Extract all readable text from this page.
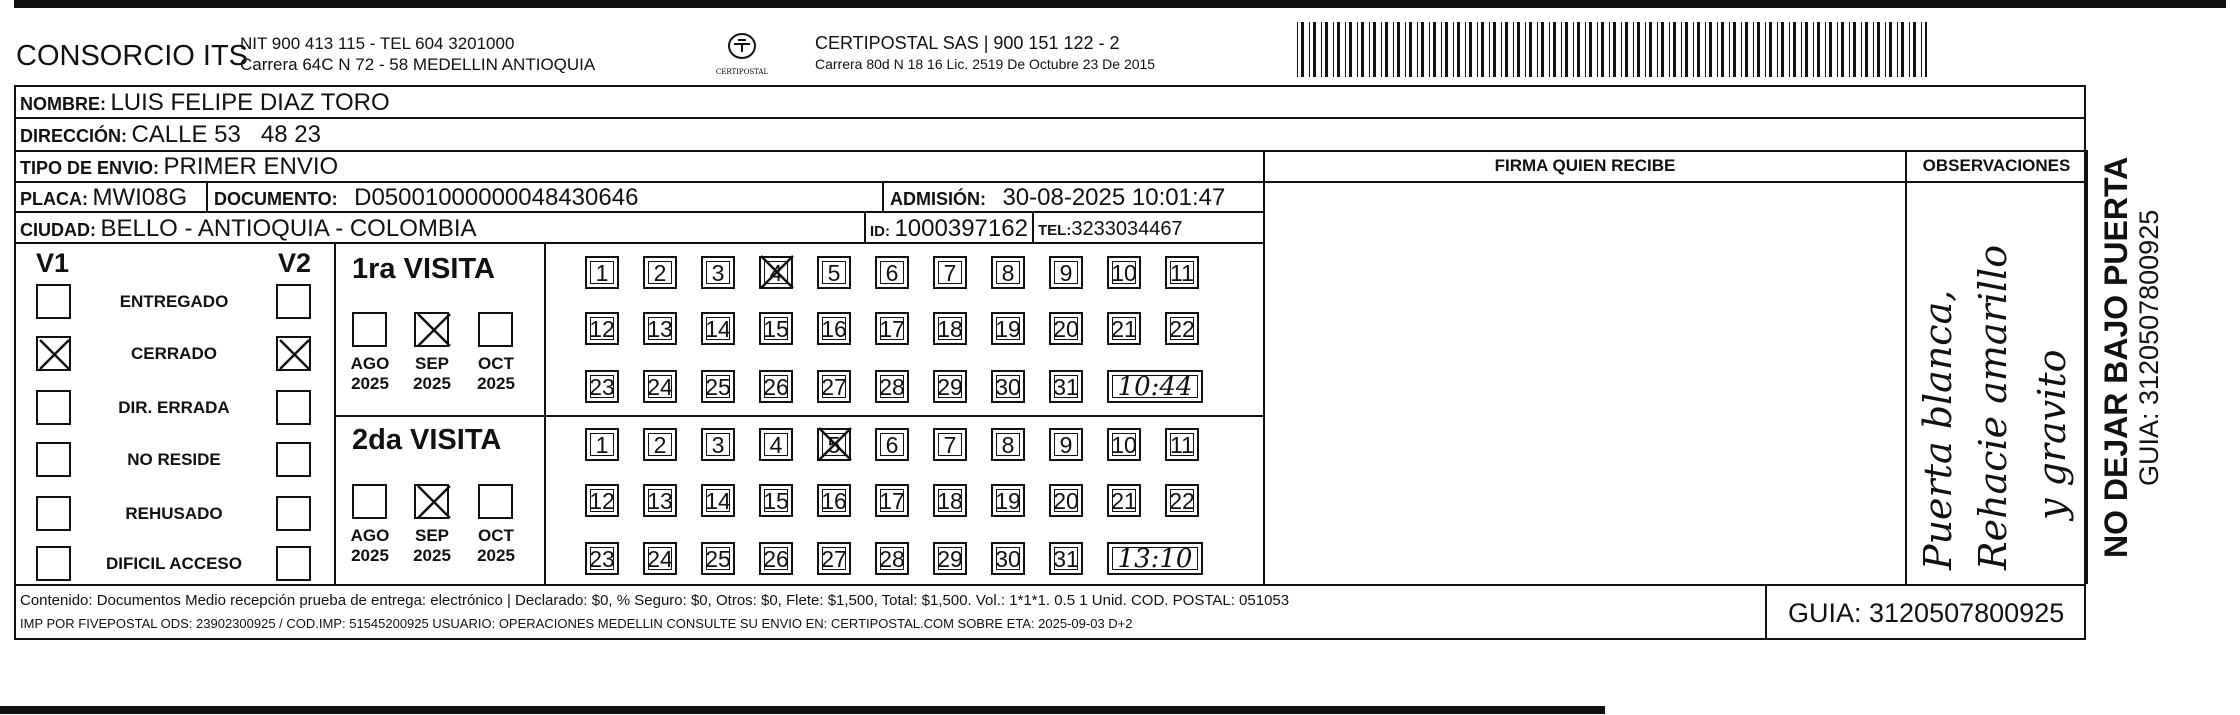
CONSORCIO ITS
NIT 900 413 115 - TEL 604 3201000
Carrera 64C N 72 - 58 MEDELLIN ANTIOQUIA	CERTIPOSTAL
CERTIPOSTAL SAS | 900 151 122 - 2
Carrera 80d N 18 16 Lic. 2519 De Octubre 23 De 2015
NOMBRE: LUIS FELIPE DIAZ TORO
DIRECCIÓN: CALLE 53   48 23
TIPO DE ENVIO: PRIMER ENVIO
PLACA: MWI08G DOCUMENTO: D05001000000048430646	ADMISIÓN: 30-08-2025 10:01:47
CIUDAD: BELLO - ANTIOQUIA - COLOMBIA	ID: 1000397162 TEL:3233034467
FIRMA QUIEN RECIBE	OBSERVACIONES
V1	V2
ENTREGADO
CERRADO
DIR. ERRADA
NO RESIDE
REHUSADO
DIFICIL ACCESO
1ra VISITA
2da VISITA
1	2	3	4	5	6	7	8	9	10 11
12 13 14 15 16 17 18 19 20 21 22
23 24 25 26 27 28 29 30 31	10:44
AGO
2025
SEP
2025
OCT
2025
1	2	3	4	5	6	7	8	9	10 11
12 13 14 15 16 17 18 19 20 21 22
23 24 25 26 27 28 29 30 31	13:10
AGO
2025
SEP
2025
OCT
2025	Puerta blanca, Rehacie amarillo y gravito NO DEJAR BAJO PUERTA GUIA: 3120507800925
Contenido: Documentos Medio recepción prueba de entrega: electrónico | Declarado: $0, % Seguro: $0, Otros: $0, Flete: $1,500, Total: $1,500. Vol.: 1*1*1. 0.5 1 Unid. COD. POSTAL: 051053
IMP POR FIVEPOSTAL ODS: 23902300925 / COD.IMP: 51545200925 USUARIO: OPERACIONES MEDELLIN CONSULTE SU ENVIO EN: CERTIPOSTAL.COM SOBRE ETA: 2025-09-03 D+2	GUIA: 3120507800925
